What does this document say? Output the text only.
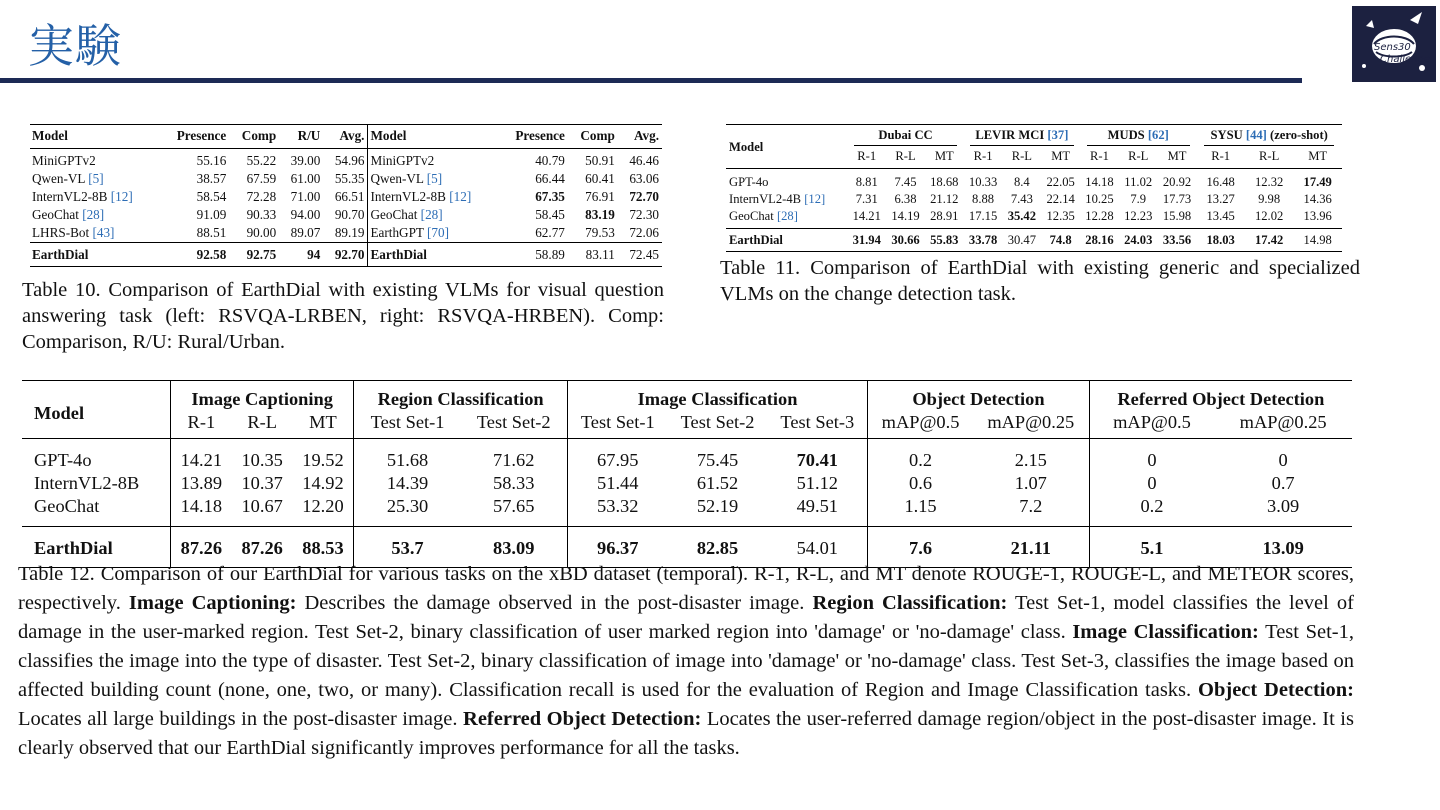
実験	Sens30
Challenge
Model	Presence	Comp	R/U	Avg.	Model	Presence	Comp	Avg.
MiniGPTv2	55.16	55.22	39.00	54.96	MiniGPTv2	40.79	50.91	46.46
Qwen-VL [5]	38.57	67.59	61.00	55.35	Qwen-VL [5]	66.44	60.41	63.06
InternVL2-8B [12]	58.54	72.28	71.00	66.51	InternVL2-8B [12]	67.35	76.91	72.70
GeoChat [28]	91.09	90.33	94.00	90.70	GeoChat [28]	58.45	83.19	72.30
LHRS-Bot [43]	88.51	90.00	89.07	89.19	EarthGPT [70]	62.77	79.53	72.06
EarthDial	92.58	92.75	94	92.70	EarthDial	58.89	83.11	72.45
Table 10. Comparison of EarthDial with existing VLMs for visual question answering task (left: RSVQA-LRBEN, right: RSVQA-HRBEN). Comp: Comparison, R/U: Rural/Urban.
Model	Dubai CC			LEVIR MCI [37]			MUDS [62]			SYSU [44] (zero-shot)		
	R-1	R-L	MT	R-1	R-L	MT	R-1	R-L	MT	R-1	R-L	MT
GPT-4o	8.81	7.45	18.68	10.33	8.4	22.05	14.18	11.02	20.92	16.48	12.32	17.49
InternVL2-4B [12]	7.31	6.38	21.12	8.88	7.43	22.14	10.25	7.9	17.73	13.27	9.98	14.36
GeoChat [28]	14.21	14.19	28.91	17.15	35.42	12.35	12.28	12.23	15.98	13.45	12.02	13.96
EarthDial	31.94	30.66	55.83	33.78	30.47	74.8	28.16	24.03	33.56	18.03	17.42	14.98
Table 11. Comparison of EarthDial with existing generic and specialized VLMs on the change detection task.
Model	Image Captioning			Region Classification		Image Classification			Object Detection		Referred Object Detection	
	R-1	R-L	MT	Test Set-1	Test Set-2	Test Set-1	Test Set-2	Test Set-3	mAP@0.5	mAP@0.25	mAP@0.5	mAP@0.25
GPT-4o	14.21	10.35	19.52	51.68	71.62	67.95	75.45	70.41	0.2	2.15	0	0
InternVL2-8B	13.89	10.37	14.92	14.39	58.33	51.44	61.52	51.12	0.6	1.07	0	0.7
GeoChat	14.18	10.67	12.20	25.30	57.65	53.32	52.19	49.51	1.15	7.2	0.2	3.09
EarthDial	87.26	87.26	88.53	53.7	83.09	96.37	82.85	54.01	7.6	21.11	5.1	13.09
Table 12. Comparison of our EarthDial for various tasks on the xBD dataset (temporal). R-1, R-L, and MT denote ROUGE-1, ROUGE-L, and METEOR scores, respectively. Image Captioning: Describes the damage observed in the post-disaster image. Region Classification: Test Set-1, model classifies the level of damage in the user-marked region. Test Set-2, binary classification of user marked region into 'damage' or 'no-damage' class. Image Classification: Test Set-1, classifies the image into the type of disaster. Test Set-2, binary classification of image into 'damage' or 'no-damage' class. Test Set-3, classifies the image based on affected building count (none, one, two, or many). Classification recall is used for the evaluation of Region and Image Classification tasks. Object Detection: Locates all large buildings in the post-disaster image. Referred Object Detection: Locates the user-referred damage region/object in the post-disaster image. It is clearly observed that our EarthDial significantly improves performance for all the tasks.
